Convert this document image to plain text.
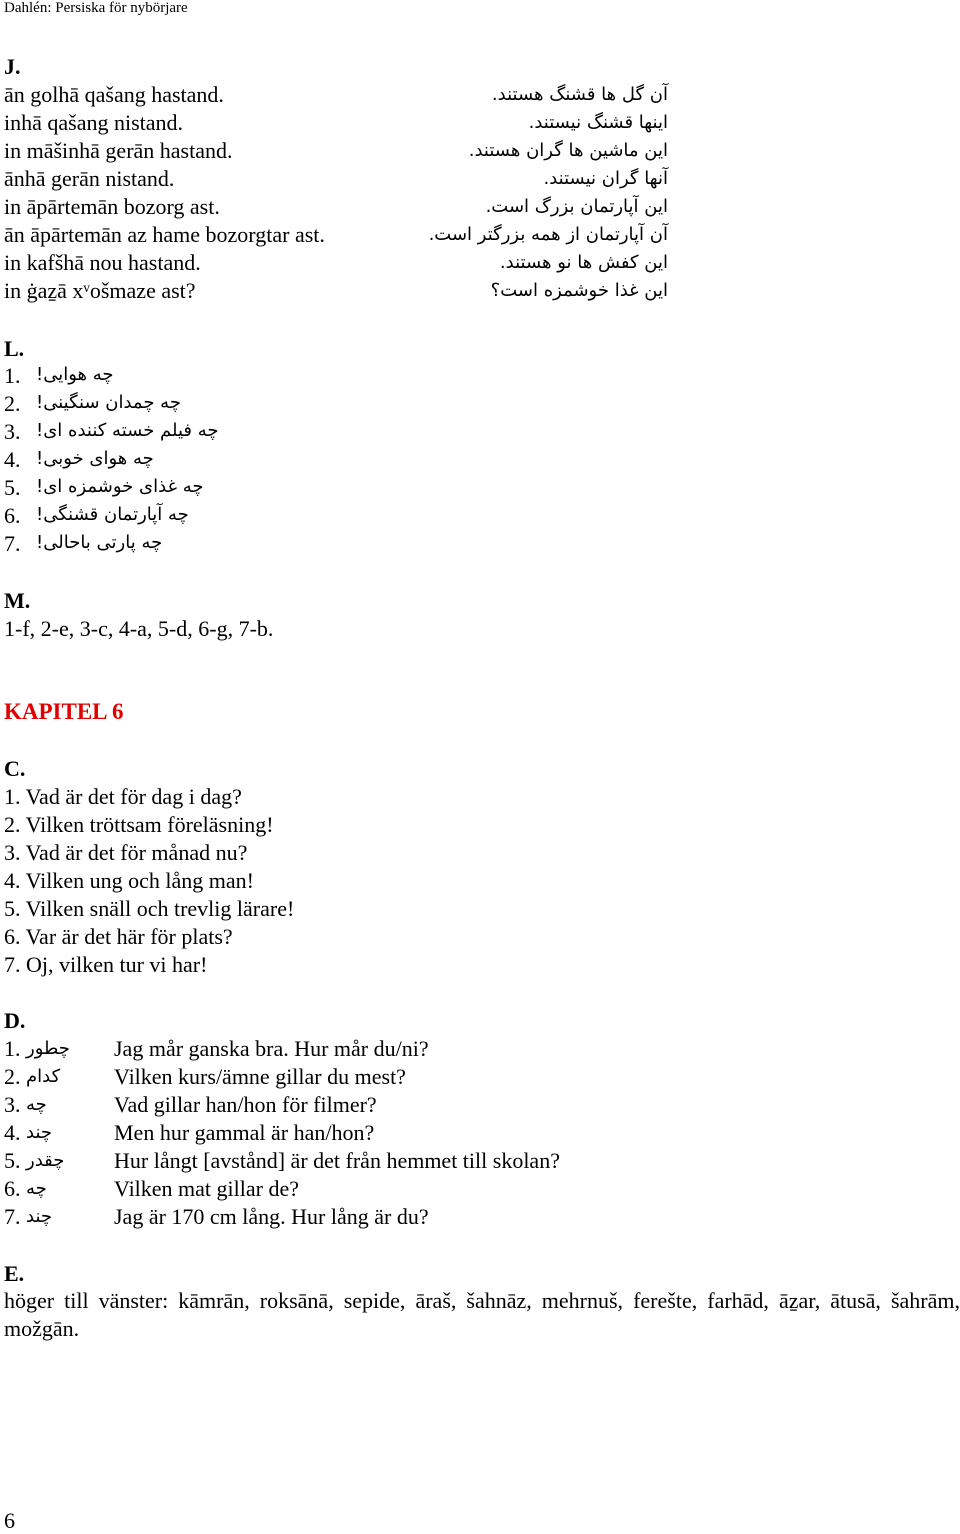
Dahlén: Persiska för nybörjare
J.
ān golhā qašang hastand.	آن گل ها قشنگ هستند.
inhā qašang nistand.	اینها قشنگ نیستند.
in māšinhā gerān hastand.	این ماشین ها گران هستند.
ānhā gerān nistand.	آنها گران نیستند.
in āpārtemān bozorg ast.	این آپارتمان بزرگ است.
ān āpārtemān az hame bozorgtar ast.	آن آپارتمان از همه بزرگتر است.
in kafšhā nou hastand.	این کفش ها نو هستند.
in ġaẕā xᵛošmaze ast?	این غذا خوشمزه است؟
L.
1. چه هوایی!
2. چه چمدان سنگینی!
3. چه فیلم خسته کننده ای!
4. چه هوای خوبی!
5. چه غذای خوشمزه ای!
6. چه آپارتمان قشنگی!
7. چه پارتی باحالی!
M.
1-f, 2-e, 3-c, 4-a, 5-d, 6-g, 7-b.
KAPITEL 6
C.
1. Vad är det för dag i dag?
2. Vilken tröttsam föreläsning!
3. Vad är det för månad nu?
4. Vilken ung och lång man!
5. Vilken snäll och trevlig lärare!
6. Var är det här för plats?
7. Oj, vilken tur vi har!
D.
1. چطور Jag mår ganska bra. Hur mår du/ni?
2. کدام Vilken kurs/ämne gillar du mest?
3. چه	Vad gillar han/hon för filmer?
4. چند	Men hur gammal är han/hon?
5. چقدر Hur långt [avstånd] är det från hemmet till skolan?
6. چه	Vilken mat gillar de?
7. چند	Jag är 170 cm lång. Hur lång är du?
E.
höger till vänster: kāmrān, roksānā, sepide, āraš, šahnāz, mehrnuš, ferešte, farhād, āẕar, ātusā, šahrām, možgān.
6
